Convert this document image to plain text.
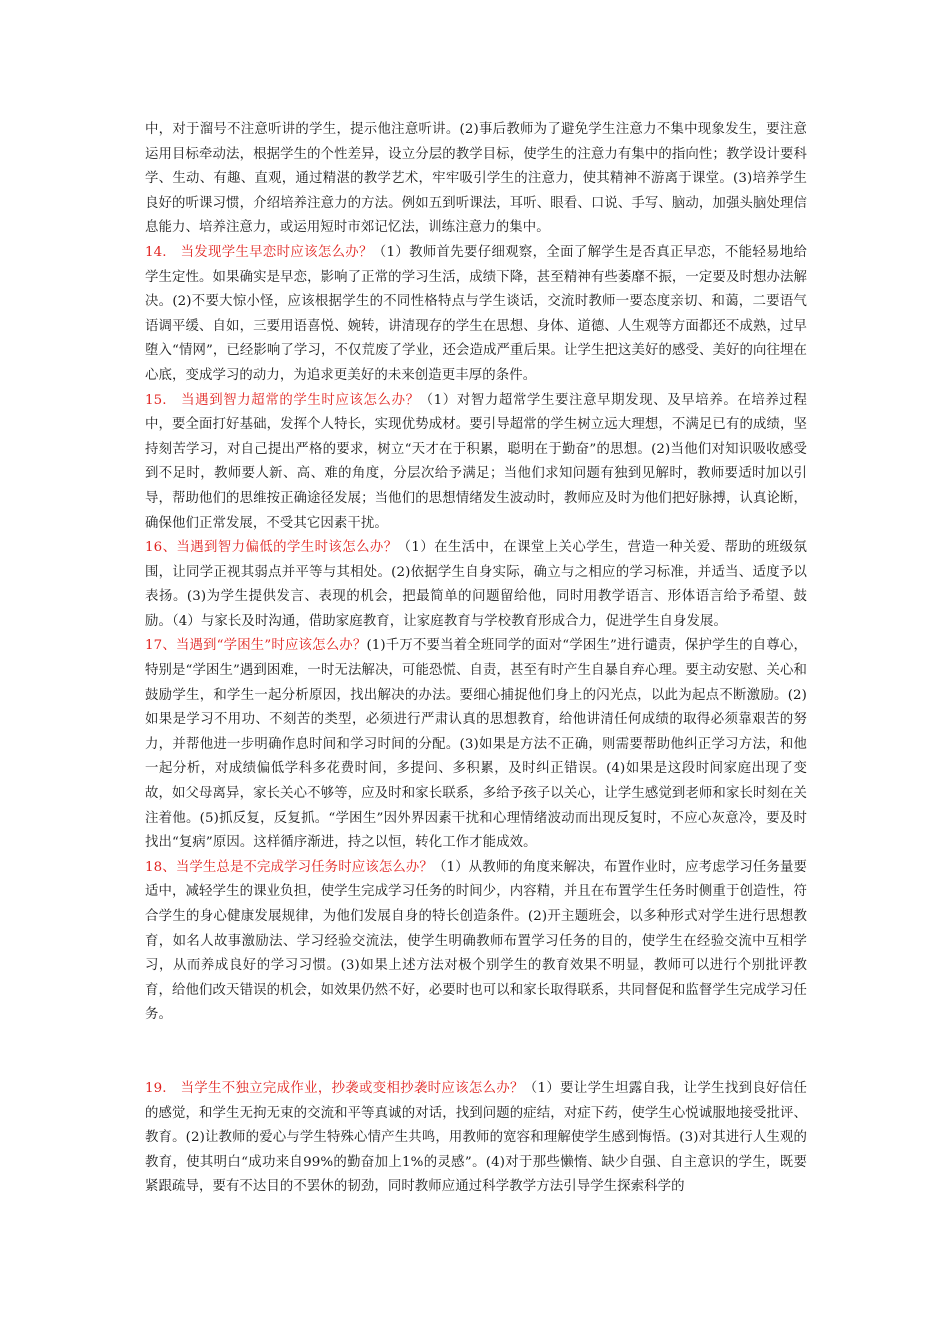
中，对于溜号不注意听讲的学生，提示他注意听讲。(2)事后教师为了避免学生注意力不集中现象发生，要注意运用目标牵动法，根据学生的个性差异，设立分层的教学目标，使学生的注意力有集中的指向性；教学设计要科学、生动、有趣、直观，通过精湛的教学艺术，牢牢吸引学生的注意力，使其精神不游离于课堂。(3)培养学生良好的听课习惯，介绍培养注意力的方法。例如五到听课法，耳听、眼看、口说、手写、脑动，加强头脑处理信息能力、培养注意力，或运用短时市郊记忆法，训练注意力的集中。

14.　当发现学生早恋时应该怎么办？（1）教师首先要仔细观察，全面了解学生是否真正早恋，不能轻易地给学生定性。如果确实是早恋，影响了正常的学习生活，成绩下降，甚至精神有些萎靡不振，一定要及时想办法解决。(2)不要大惊小怪，应该根据学生的不同性格特点与学生谈话，交流时教师一要态度亲切、和蔼，二要语气语调平缓、自如，三要用语喜悦、婉转，讲清现存的学生在思想、身体、道德、人生观等方面都还不成熟，过早堕入“情网”，已经影响了学习，不仅荒废了学业，还会造成严重后果。让学生把这美好的感受、美好的向往埋在心底，变成学习的动力，为追求更美好的未来创造更丰厚的条件。

15.　当遇到智力超常的学生时应该怎么办？（1）对智力超常学生要注意早期发现、及早培养。在培养过程中，要全面打好基础，发挥个人特长，实现优势成材。要引导超常的学生树立远大理想，不满足已有的成绩，坚持刻苦学习，对自己提出严格的要求，树立“天才在于积累，聪明在于勤奋”的思想。(2)当他们对知识吸收感受到不足时，教师要人新、高、难的角度，分层次给予满足；当他们求知问题有独到见解时，教师要适时加以引导，帮助他们的思维按正确途径发展；当他们的思想情绪发生波动时，教师应及时为他们把好脉搏，认真论断，确保他们正常发展，不受其它因素干扰。

16、当遇到智力偏低的学生时该怎么办？（1）在生活中，在课堂上关心学生，营造一种关爱、帮助的班级氛围，让同学正视其弱点并平等与其相处。(2)依据学生自身实际，确立与之相应的学习标准，并适当、适度予以表扬。(3)为学生提供发言、表现的机会，把最简单的问题留给他，同时用教学语言、形体语言给予希望、鼓励。（4）与家长及时沟通，借助家庭教育，让家庭教育与学校教育形成合力，促进学生自身发展。

17、当遇到“学困生”时应该怎么办？(1)千万不要当着全班同学的面对“学困生”进行谴责，保护学生的自尊心，特别是“学困生”遇到困难，一时无法解决，可能恐慌、自责，甚至有时产生自暴自弃心理。要主动安慰、关心和鼓励学生，和学生一起分析原因，找出解决的办法。要细心捕捉他们身上的闪光点，以此为起点不断激励。(2)如果是学习不用功、不刻苦的类型，必须进行严肃认真的思想教育，给他讲清任何成绩的取得必须靠艰苦的努力，并帮他进一步明确作息时间和学习时间的分配。(3)如果是方法不正确，则需要帮助他纠正学习方法，和他一起分析，对成绩偏低学科多花费时间，多提问、多积累，及时纠正错误。(4)如果是这段时间家庭出现了变故，如父母离异，家长关心不够等，应及时和家长联系，多给予孩子以关心，让学生感觉到老师和家长时刻在关注着他。(5)抓反复，反复抓。“学困生”因外界因素干扰和心理情绪波动而出现反复时，不应心灰意冷，要及时找出“复病”原因。这样循序渐进，持之以恒，转化工作才能成效。

18、当学生总是不完成学习任务时应该怎么办？（1）从教师的角度来解决，布置作业时，应考虑学习任务量要适中，减轻学生的课业负担，使学生完成学习任务的时间少，内容精，并且在布置学生任务时侧重于创造性，符合学生的身心健康发展规律，为他们发展自身的特长创造条件。(2)开主题班会，以多种形式对学生进行思想教育，如名人故事激励法、学习经验交流法，使学生明确教师布置学习任务的目的，使学生在经验交流中互相学习，从而养成良好的学习习惯。(3)如果上述方法对极个别学生的教育效果不明显，教师可以进行个别批评教育，给他们改天错误的机会，如效果仍然不好，必要时也可以和家长取得联系，共同督促和监督学生完成学习任务。

19.　当学生不独立完成作业，抄袭或变相抄袭时应该怎么办？（1）要让学生坦露自我，让学生找到良好信任的感觉，和学生无拘无束的交流和平等真诚的对话，找到问题的症结，对症下药，使学生心悦诚服地接受批评、教育。(2)让教师的爱心与学生特殊心情产生共鸣，用教师的宽容和理解使学生感到悔悟。(3)对其进行人生观的教育，使其明白“成功来自99%的勤奋加上1%的灵感”。(4)对于那些懒惰、缺少自强、自主意识的学生，既要紧跟疏导，要有不达目的不罢休的韧劲，同时教师应通过科学教学方法引导学生探索科学的
